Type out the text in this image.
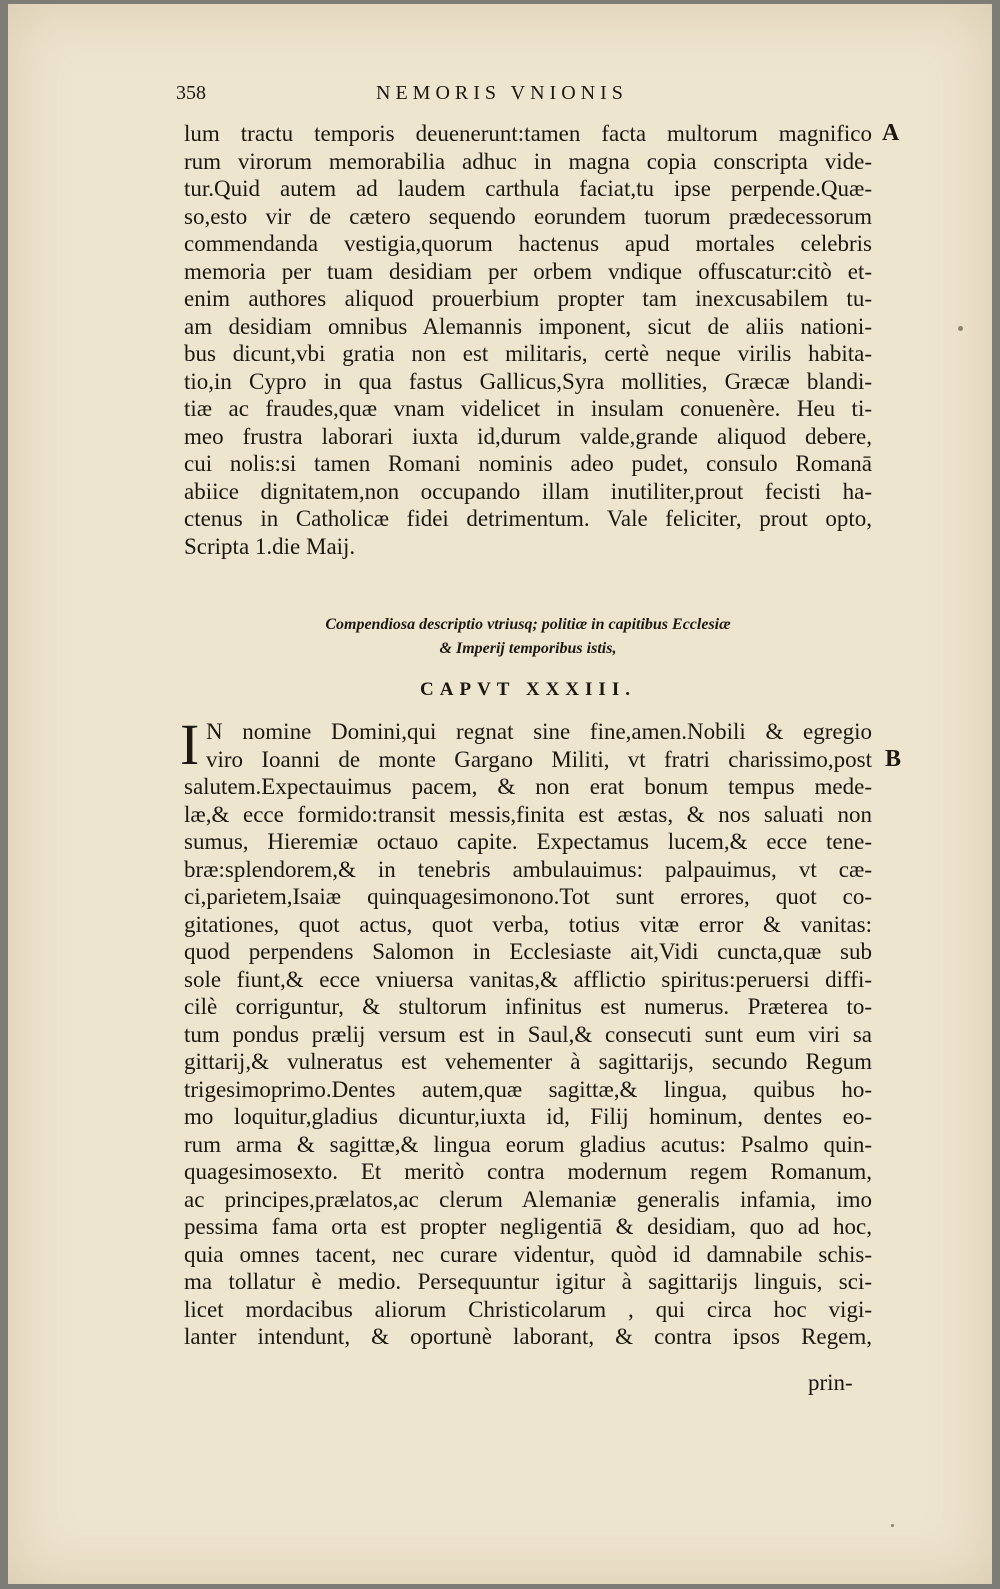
358	NEMORIS VNIONIS
A
B
lum tractu temporis deuenerunt:tamen facta multorum magnifico
rum virorum memorabilia adhuc in magna copia conscripta vide-
tur.Quid autem ad laudem carthula faciat,tu ipse perpende.Quæ-
so,esto vir de cætero sequendo eorundem tuorum prædecessorum
commendanda vestigia,quorum hactenus apud mortales celebris
memoria per tuam desidiam per orbem vndique offuscatur:citò et-
enim authores aliquod prouerbium propter tam inexcusabilem tu-
am desidiam omnibus Alemannis imponent, sicut de aliis nationi-
bus dicunt,vbi gratia non est militaris, certè neque virilis habita-
tio,in Cypro in qua fastus Gallicus,Syra mollities, Græcæ blandi-
tiæ ac fraudes,quæ vnam videlicet in insulam conuenère. Heu ti-
meo frustra laborari iuxta id,durum valde,grande aliquod debere,
cui nolis:si tamen Romani nominis adeo pudet, consulo Romanā
abiice dignitatem,non occupando illam inutiliter,prout fecisti ha-
ctenus in Catholicæ fidei detrimentum. Vale feliciter, prout opto,
Scripta 1.die Maij.
Compendiosa descriptio vtriusq; politiæ in capitibus Ecclesiæ
& Imperij temporibus istis,
CAPVT XXXIII.
I N nomine Domini,qui regnat sine fine,amen.Nobili & egregio
viro Ioanni de monte Gargano Militi, vt fratri charissimo,post
salutem.Expectauimus pacem, & non erat bonum tempus mede-
læ,& ecce formido:transit messis,finita est æstas, & nos saluati non
sumus, Hieremiæ octauo capite. Expectamus lucem,& ecce tene-
bræ:splendorem,& in tenebris ambulauimus: palpauimus, vt cæ-
ci,parietem,Isaiæ quinquagesimonono.Tot sunt errores, quot co-
gitationes, quot actus, quot verba, totius vitæ error & vanitas:
quod perpendens Salomon in Ecclesiaste ait,Vidi cuncta,quæ sub
sole fiunt,& ecce vniuersa vanitas,& afflictio spiritus:peruersi diffi-
cilè corriguntur, & stultorum infinitus est numerus. Præterea to-
tum pondus prælij versum est in Saul,& consecuti sunt eum viri sa
gittarij,& vulneratus est vehementer à sagittarijs, secundo Regum
trigesimoprimo.Dentes autem,quæ sagittæ,& lingua, quibus ho-
mo loquitur,gladius dicuntur,iuxta id, Filij hominum, dentes eo-
rum arma & sagittæ,& lingua eorum gladius acutus: Psalmo quin-
quagesimosexto. Et meritò contra modernum regem Romanum,
ac principes,prælatos,ac clerum Alemaniæ generalis infamia, imo
pessima fama orta est propter negligentiā & desidiam, quo ad hoc,
quia omnes tacent, nec curare videntur, quòd id damnabile schis-
ma tollatur è medio. Persequuntur igitur à sagittarijs linguis, sci-
licet mordacibus aliorum Christicolarum , qui circa hoc vigi-
lanter intendunt, & oportunè laborant, & contra ipsos Regem,
prin-
